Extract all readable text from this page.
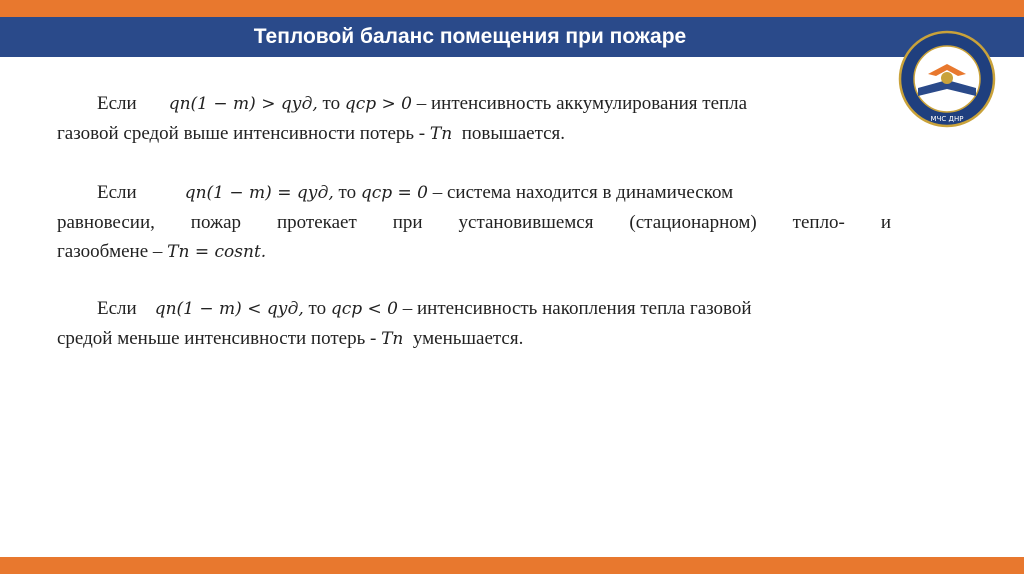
Тепловой баланс помещения при пожаре
МЧС ДНР
Если qп(1 − m) > qуд, то qср > 0 – интенсивность аккумулирования тепла
газовой средой выше интенсивности потерь - Tп повышается.
Если	qп(1 − m) = qуд, то qср = 0 – система находится в динамическом
равновесии, пожар протекает при установившемся (стационарном) тепло- и
газообмене – Tп = cosnt.
Если qп(1 − m) < qуд, то qср < 0 – интенсивность накопления тепла газовой
средой меньше интенсивности потерь - Tп уменьшается.
